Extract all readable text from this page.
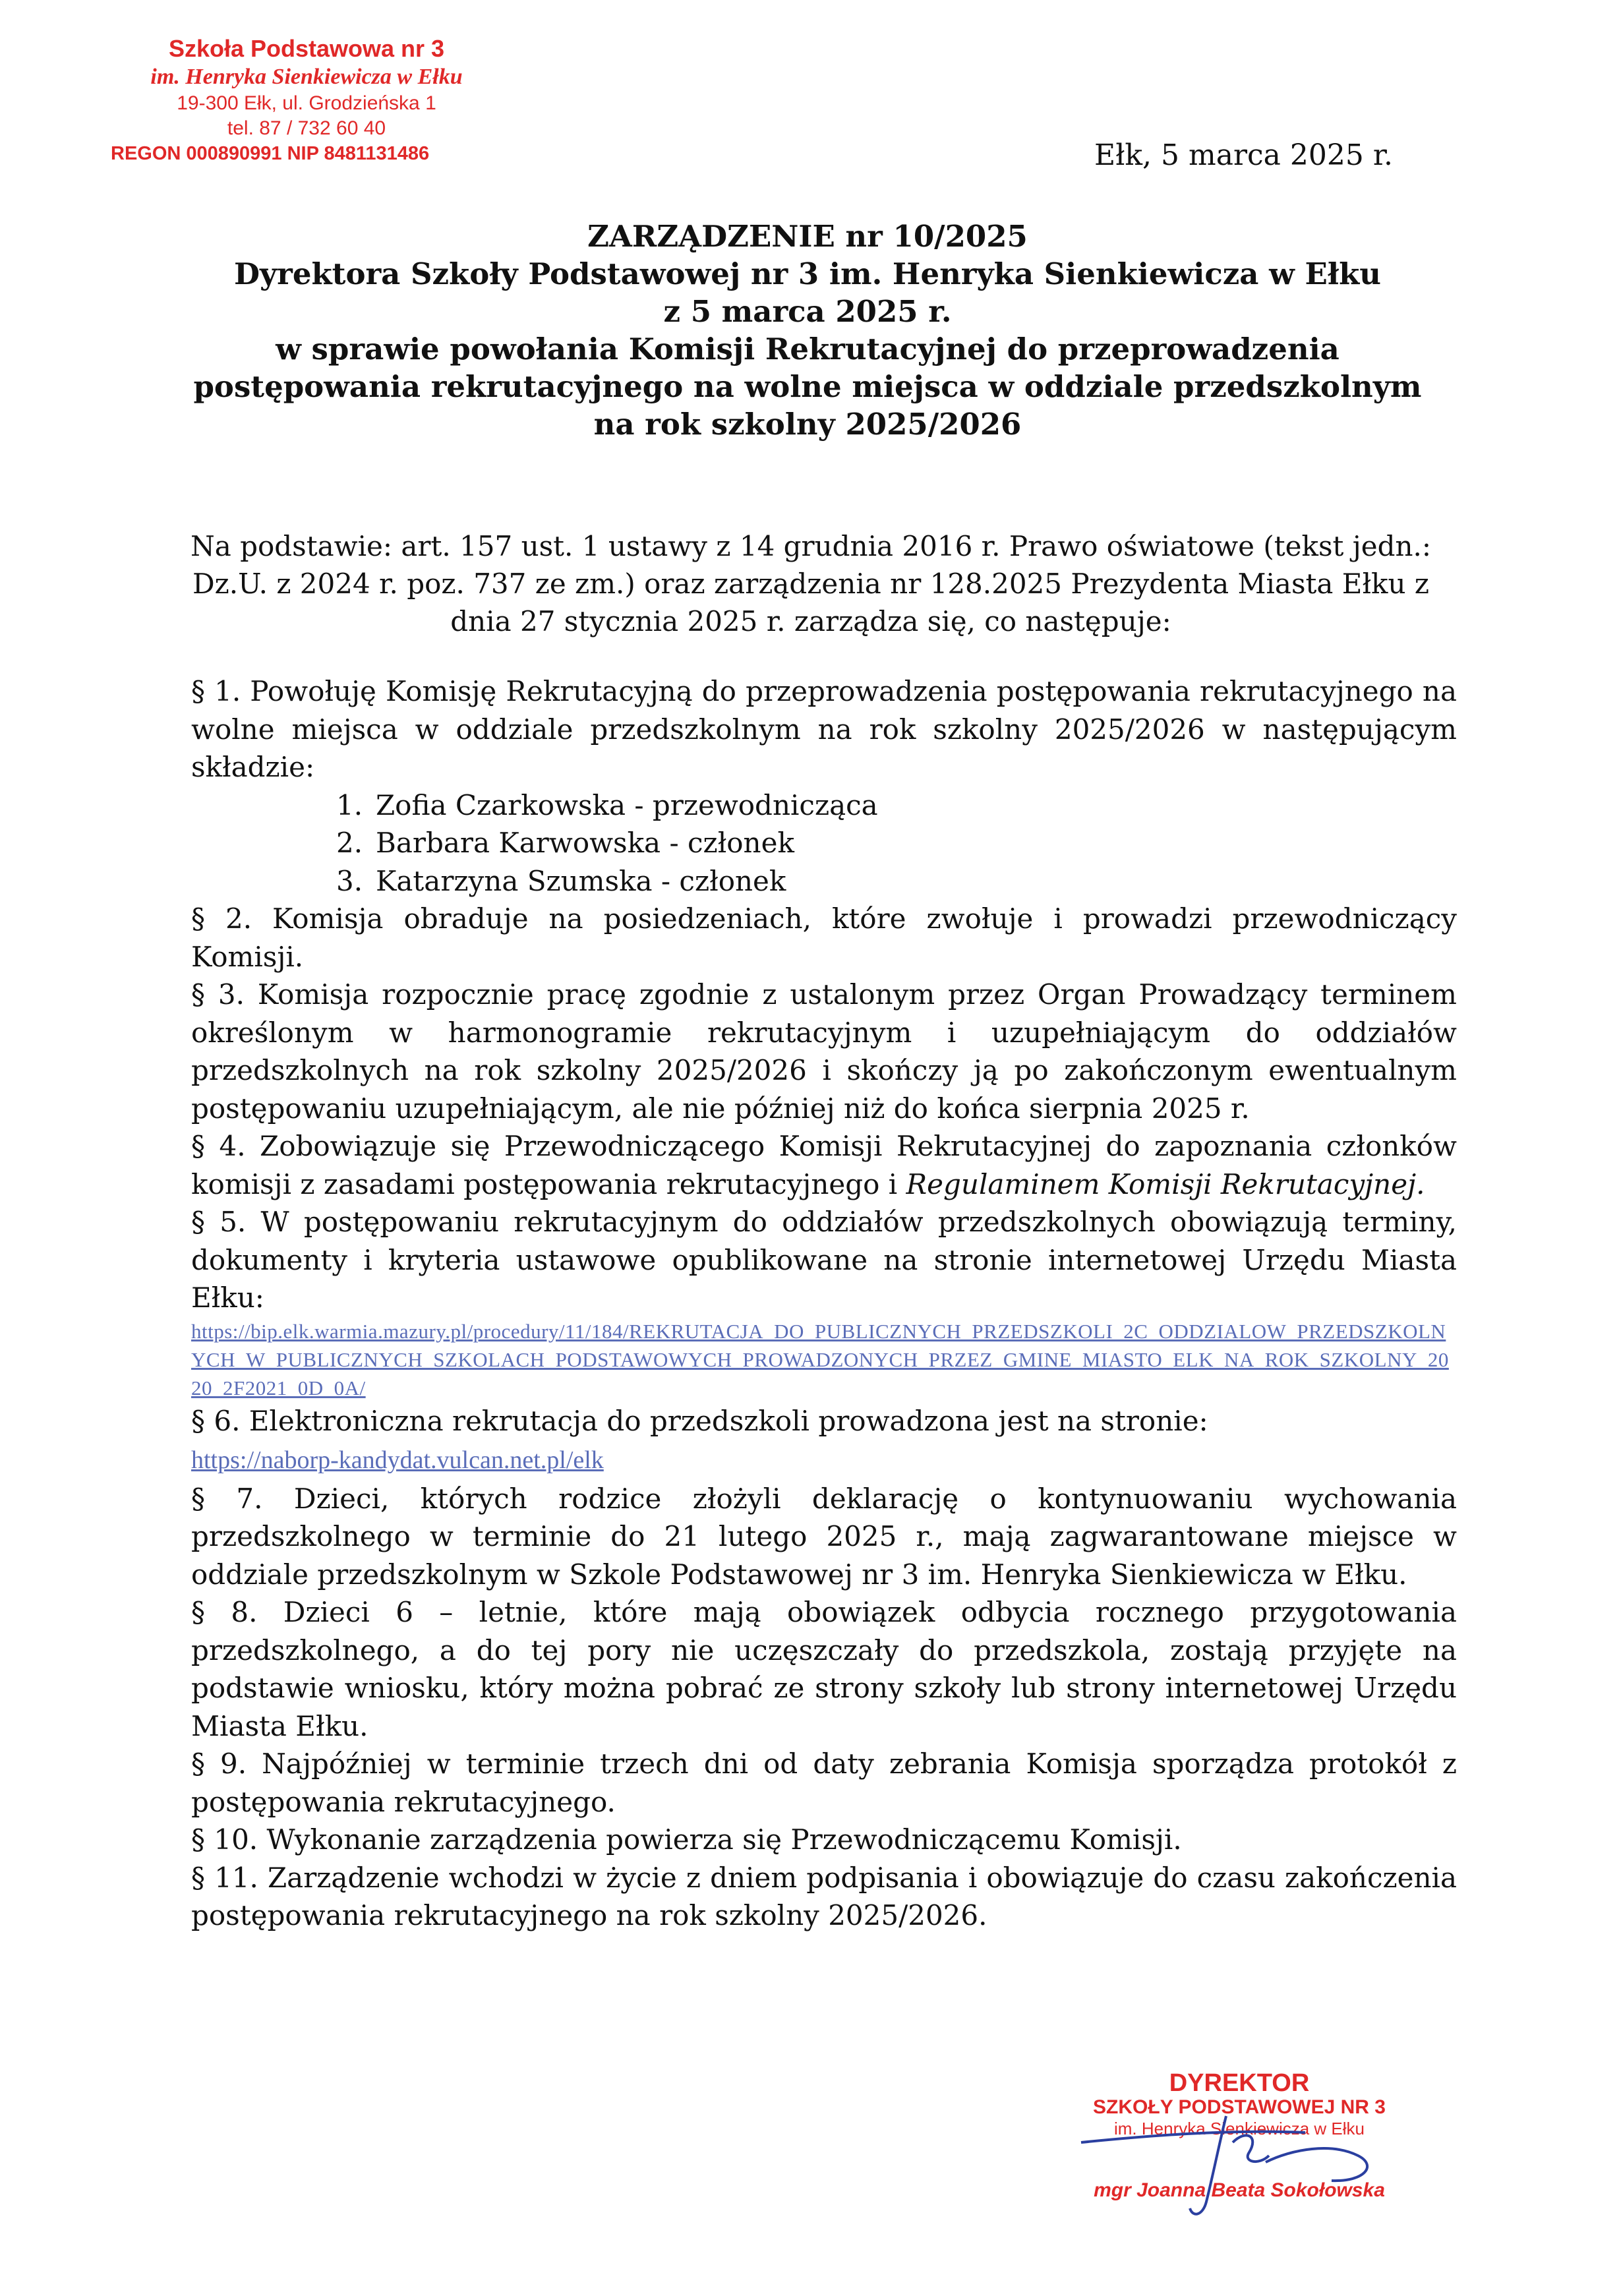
Szkoła Podstawowa nr 3
im. Henryka Sienkiewicza w Ełku
19-300 Ełk, ul. Grodzieńska 1
tel. 87 / 732 60 40
REGON 000890991 NIP 8481131486	Ełk, 5 marca 2025 r.
ZARZĄDZENIE nr 10/2025
Dyrektora Szkoły Podstawowej nr 3 im. Henryka Sienkiewicza w Ełku
z 5 marca 2025 r.
w sprawie powołania Komisji Rekrutacyjnej do przeprowadzenia
postępowania rekrutacyjnego na wolne miejsca w oddziale przedszkolnym
na rok szkolny 2025/2026
Na podstawie: art. 157 ust. 1 ustawy z 14 grudnia 2016 r. Prawo oświatowe (tekst jedn.: Dz.U. z 2024 r. poz. 737 ze zm.) oraz zarządzenia nr 128.2025 Prezydenta Miasta Ełku z dnia 27 stycznia 2025 r. zarządza się, co następuje:

§ 1. Powołuję Komisję Rekrutacyjną do przeprowadzenia postępowania rekrutacyjnego na wolne miejsca w oddziale przedszkolnym na rok szkolny 2025/2026 w następującym składzie:

1. Zofia Czarkowska - przewodnicząca
2. Barbara Karwowska - członek
3. Katarzyna Szumska - członek

§ 2. Komisja obraduje na posiedzeniach, które zwołuje i prowadzi przewodniczący Komisji.

§ 3. Komisja rozpocznie pracę zgodnie z ustalonym przez Organ Prowadzący terminem określonym w harmonogramie rekrutacyjnym i uzupełniającym do oddziałów przedszkolnych na rok szkolny 2025/2026 i skończy ją po zakończonym ewentualnym postępowaniu uzupełniającym, ale nie później niż do końca sierpnia 2025 r.

§ 4. Zobowiązuje się Przewodniczącego Komisji Rekrutacyjnej do zapoznania członków komisji z zasadami postępowania rekrutacyjnego i Regulaminem Komisji Rekrutacyjnej.

§ 5. W postępowaniu rekrutacyjnym do oddziałów przedszkolnych obowiązują terminy, dokumenty i kryteria ustawowe opublikowane na stronie internetowej Urzędu Miasta Ełku:

https://bip.elk.warmia.mazury.pl/procedury/11/184/REKRUTACJA_DO_PUBLICZNYCH_PRZEDSZKOLI_2C_ODDZIALOW_PRZEDSZKOLNYCH_W_PUBLICZNYCH_SZKOLACH_PODSTAWOWYCH_PROWADZONYCH_PRZEZ_GMINE_MIASTO_ELK_NA_ROK_SZKOLNY_2020_2F2021_0D_0A/

§ 6. Elektroniczna rekrutacja do przedszkoli prowadzona jest na stronie:
https://naborp-kandydat.vulcan.net.pl/elk

§ 7. Dzieci, których rodzice złożyli deklarację o kontynuowaniu wychowania przedszkolnego w terminie do 21 lutego 2025 r., mają zagwarantowane miejsce w oddziale przedszkolnym w Szkole Podstawowej nr 3 im. Henryka Sienkiewicza w Ełku.

§ 8. Dzieci 6 – letnie, które mają obowiązek odbycia rocznego przygotowania przedszkolnego, a do tej pory nie uczęszczały do przedszkola, zostają przyjęte na podstawie wniosku, który można pobrać ze strony szkoły lub strony internetowej Urzędu Miasta Ełku.

§ 9. Najpóźniej w terminie trzech dni od daty zebrania Komisja sporządza protokół z postępowania rekrutacyjnego.

§ 10. Wykonanie zarządzenia powierza się Przewodniczącemu Komisji.

§ 11. Zarządzenie wchodzi w życie z dniem podpisania i obowiązuje do czasu zakończenia postępowania rekrutacyjnego na rok szkolny 2025/2026.

DYREKTOR
SZKOŁY PODSTAWOWEJ NR 3
im. Henryka Sienkiewicza w Ełku
mgr Joanna Beata Sokołowska
